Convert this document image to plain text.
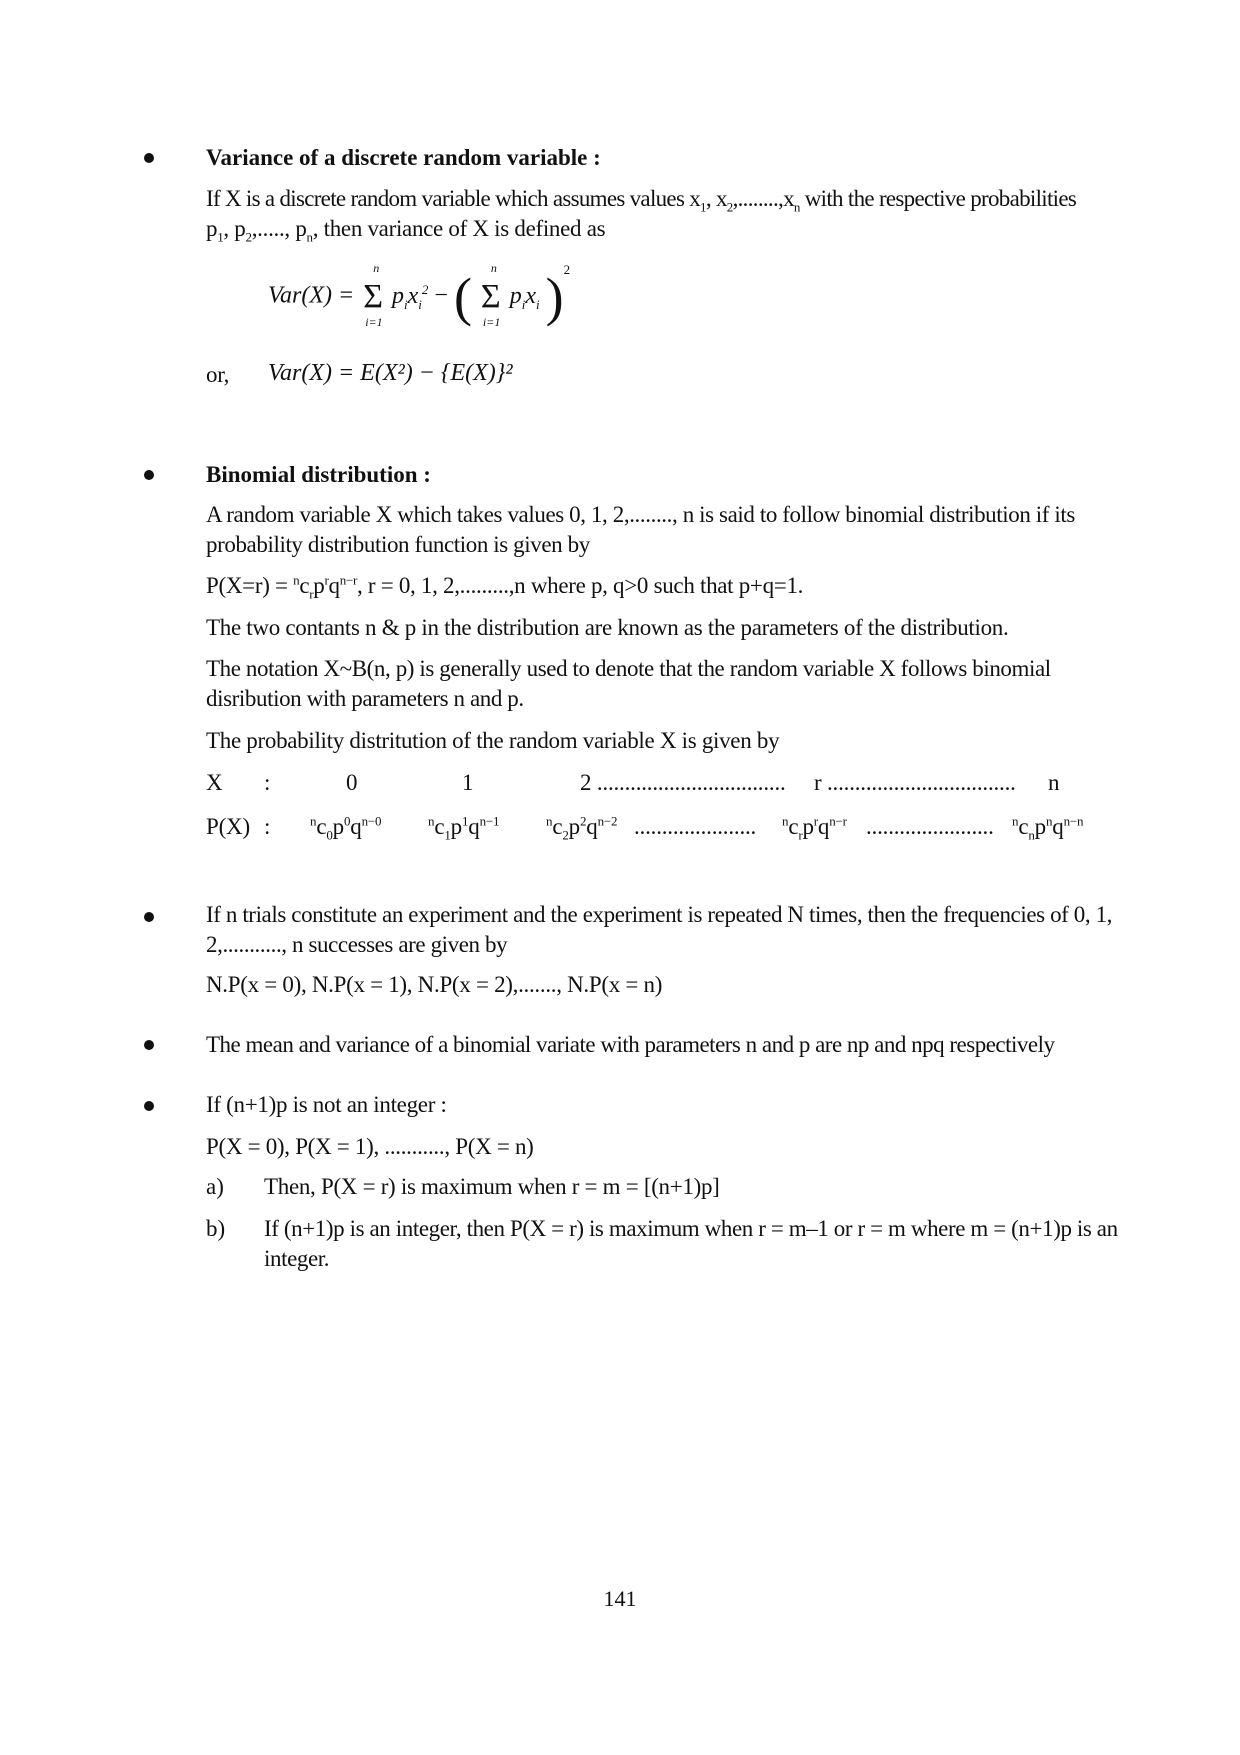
Variance of a discrete random variable :
If X is a discrete random variable which assumes values $x_1$, $x_2,........,x_n$ with the respective probabilities
$p_1$, $p_2$,....., $p_n$, then variance of X is defined as
Var(X) = Σ
n
i=1
$p_ix_i^2$ − ( Σ
n
i=1
$p_ix_i$ )$^2$
or, Var(X) = E(X²) − {E(X)}²
Binomial distribution :
A random variable X which takes values 0, 1, 2,........, n is said to follow binomial distribution if its probability distribution function is given by
$P(X=r) = ^nc_rp^rq^{n-r}$, r = 0, 1, 2,.........,n where p, q>0 such that p+q=1.
The two contants n & p in the distribution are known as the parameters of the distribution.
The notation X~B(n, p) is generally used to denote that the random variable X follows binomial disribution with parameters n and p.
The probability distritution of the random variable X is given by
X :	0	1	2 .................................. r .................................. n
P(X) :	$^nc_0p^0q^{n-0}$	$^nc_1p^1q^{n-1}$	$^nc_2p^2q^{n-2}$ ...................... $^nc_rp^rq^{n-r}$ ....................... $^nc_np^nq^{n-n}$
If n trials constitute an experiment and the experiment is repeated N times, then the frequencies of 0, 1, 2,..........., n successes are given by
N.P(x = 0), N.P(x = 1), N.P(x = 2),......., N.P(x = n)
The mean and variance of a binomial variate with parameters n and p are np and npq respectively
If (n+1)p is not an integer :
P(X = 0), P(X = 1), ..........., P(X = n)
a) Then, P(X = r) is maximum when r = m = [(n+1)p]
b) If (n+1)p is an integer, then P(X = r) is maximum when r = m–1 or r = m where m = (n+1)p is an integer.
141
